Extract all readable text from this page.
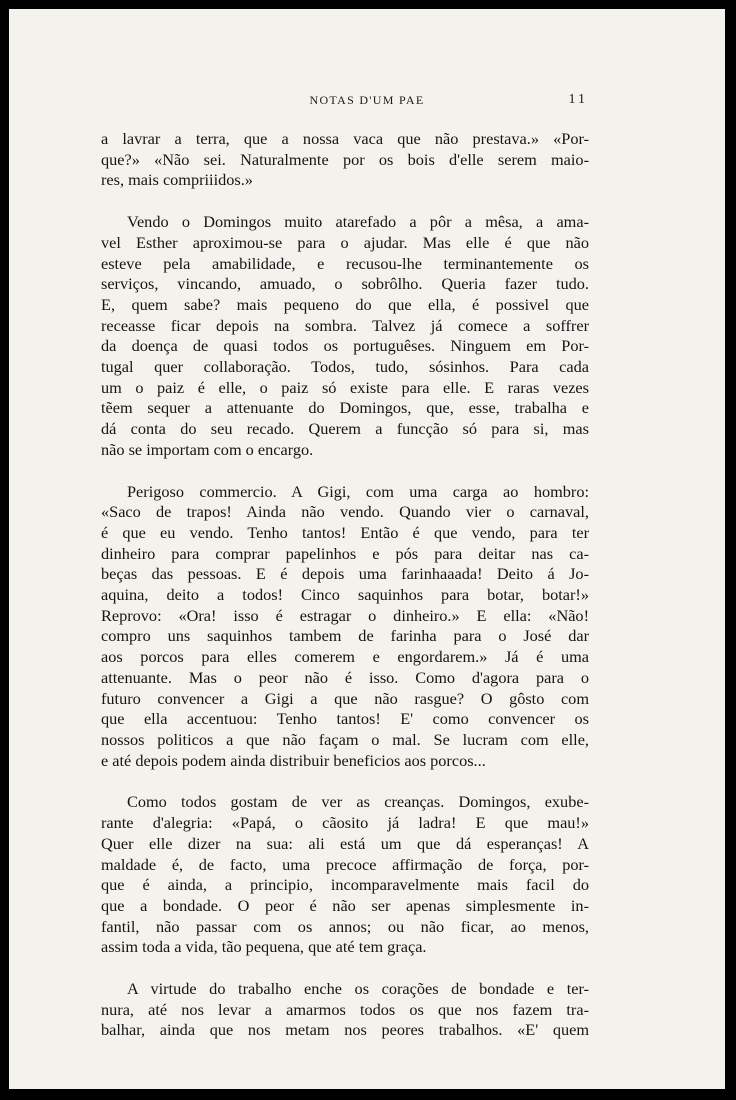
NOTAS D'UM PAE	11

a lavrar a terra, que a nossa vaca que não prestava.» «Por-
que?» «Não sei. Naturalmente por os bois d'elle serem maio-
res, mais compriiidos.»

Vendo o Domingos muito atarefado a pôr a mêsa, a ama-
vel Esther aproximou-se para o ajudar. Mas elle é que não
esteve pela amabilidade, e recusou-lhe terminantemente os
serviços, vincando, amuado, o sobrôlho. Queria fazer tudo.
E, quem sabe? mais pequeno do que ella, é possivel que
receasse ficar depois na sombra. Talvez já comece a soffrer
da doença de quasi todos os portuguêses. Ninguem em Por-
tugal quer collaboração. Todos, tudo, sósinhos. Para cada
um o paiz é elle, o paiz só existe para elle. E raras vezes
tẽem sequer a attenuante do Domingos, que, esse, trabalha e
dá conta do seu recado. Querem a funcção só para si, mas
não se importam com o encargo.

Perigoso commercio. A Gigi, com uma carga ao hombro:
«Saco de trapos! Ainda não vendo. Quando vier o carnaval,
é que eu vendo. Tenho tantos! Então é que vendo, para ter
dinheiro para comprar papelinhos e pós para deitar nas ca-
beças das pessoas. E é depois uma farinhaaada! Deito á Jo-
aquina, deito a todos! Cinco saquinhos para botar, botar!»
Reprovo: «Ora! isso é estragar o dinheiro.» E ella: «Não!
compro uns saquinhos tambem de farinha para o José dar
aos porcos para elles comerem e engordarem.» Já é uma
attenuante. Mas o peor não é isso. Como d'agora para o
futuro convencer a Gigi a que não rasgue? O gôsto com
que ella accentuou: Tenho tantos! E' como convencer os
nossos politicos a que não façam o mal. Se lucram com elle,
e até depois podem ainda distribuir beneficios aos porcos...

Como todos gostam de ver as creanças. Domingos, exube-
rante d'alegria: «Papá, o cãosito já ladra! E que mau!»
Quer elle dizer na sua: ali está um que dá esperanças! A
maldade é, de facto, uma precoce affirmação de força, por-
que é ainda, a principio, incomparavelmente mais facil do
que a bondade. O peor é não ser apenas simplesmente in-
fantil, não passar com os annos; ou não ficar, ao menos,
assim toda a vida, tão pequena, que até tem graça.

A virtude do trabalho enche os corações de bondade e ter-
nura, até nos levar a amarmos todos os que nos fazem tra-
balhar, ainda que nos metam nos peores trabalhos. «E' quem
